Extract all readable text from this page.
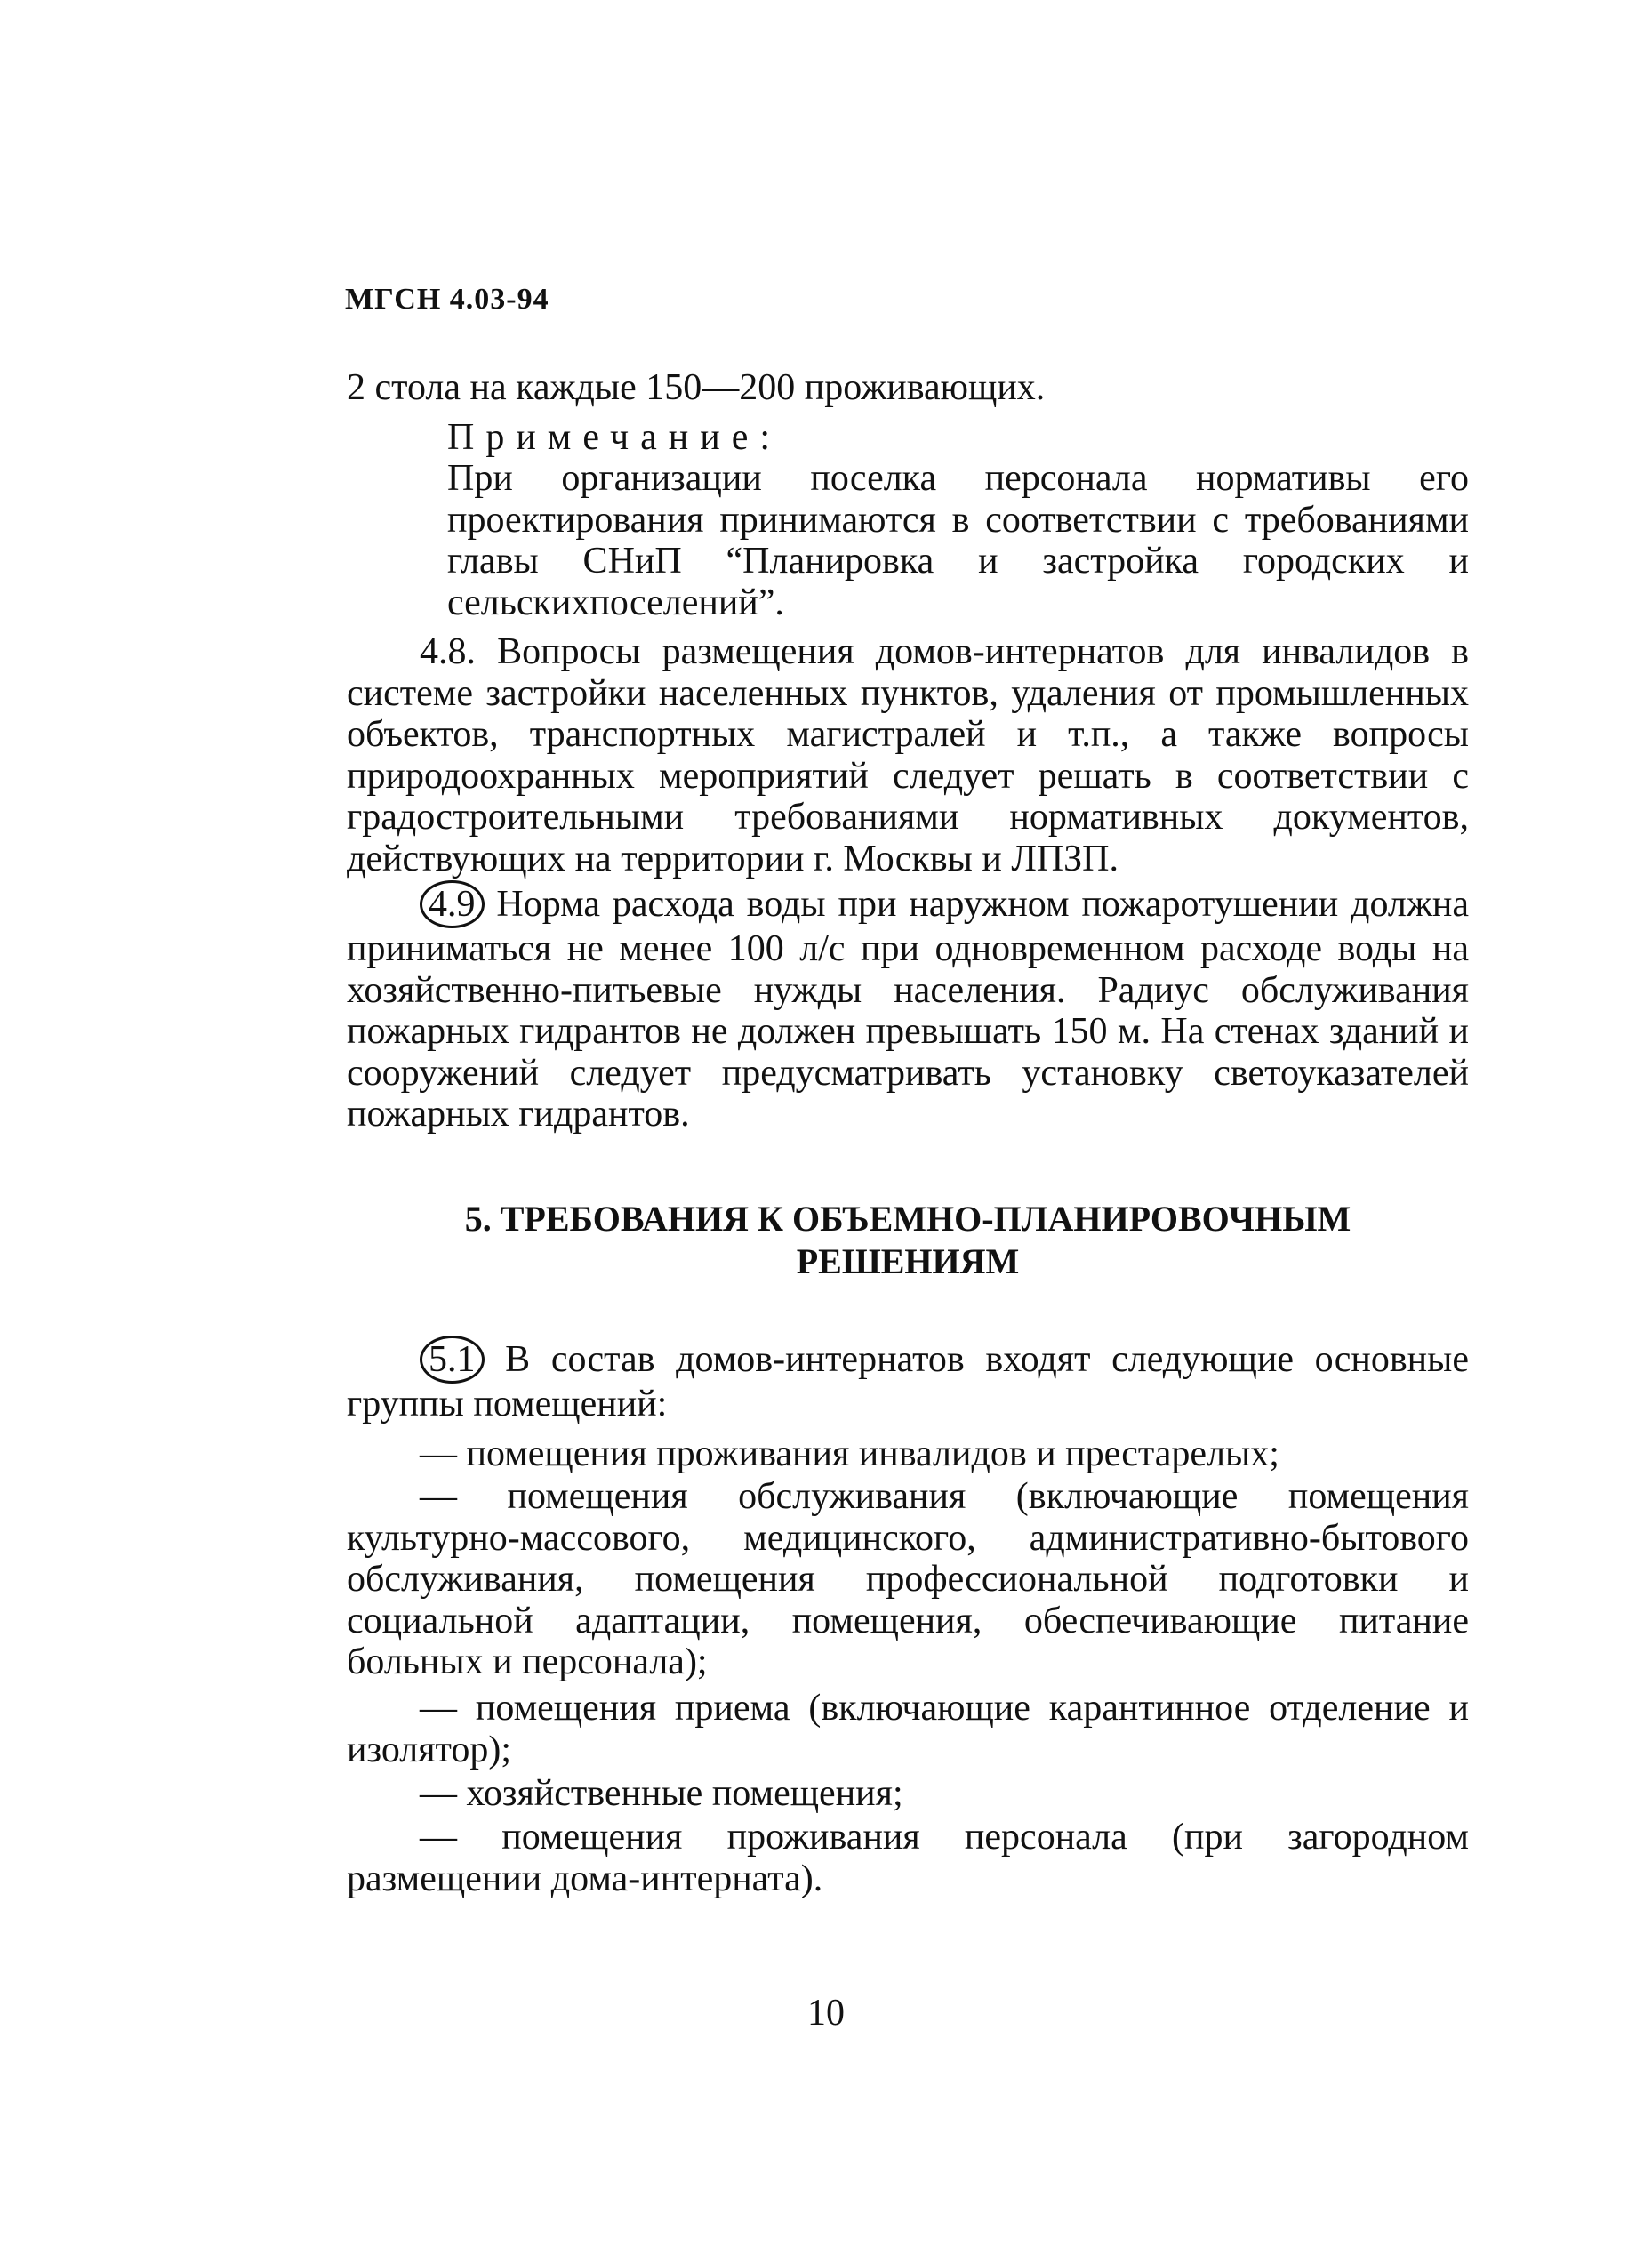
МГСН 4.03-94

2 стола на каждые 150—200 проживающих.

Примечание:

При организации поселка персонала нормативы его проектирования принимаются в соответствии с требованиями главы СНиП “Планировка и застройка городских и сельскихпоселений”.

4.8. Вопросы размещения домов-интернатов для инвалидов в системе застройки населенных пунктов, удаления от промышленных объектов, транспортных магистралей и т.п., а также вопросы природоохранных мероприятий следует решать в соответствии с градостроительными требованиями нормативных документов, действующих на территории г. Москвы и ЛПЗП.

4.9 Норма расхода воды при наружном пожаротушении должна приниматься не менее 100 л/с при одновременном расходе воды на хозяйственно-питьевые нужды населения. Радиус обслуживания пожарных гидрантов не должен превышать 150 м. На стенах зданий и сооружений следует предусматривать установку светоуказателей пожарных гидрантов.

5. ТРЕБОВАНИЯ К ОБЪЕМНО-ПЛАНИРОВОЧНЫМ
РЕШЕНИЯМ

5.1 В состав домов-интернатов входят следующие основные группы помещений:

— помещения проживания инвалидов и престарелых;

— помещения обслуживания (включающие помещения культурно-массового, медицинского, административно-бытового обслуживания, помещения профессиональной подготовки и социальной адаптации, помещения, обеспечивающие питание больных и персонала);

— помещения приема (включающие карантинное отделение и изолятор);

— хозяйственные помещения;

— помещения проживания персонала (при загородном размещении дома-интерната).

10
